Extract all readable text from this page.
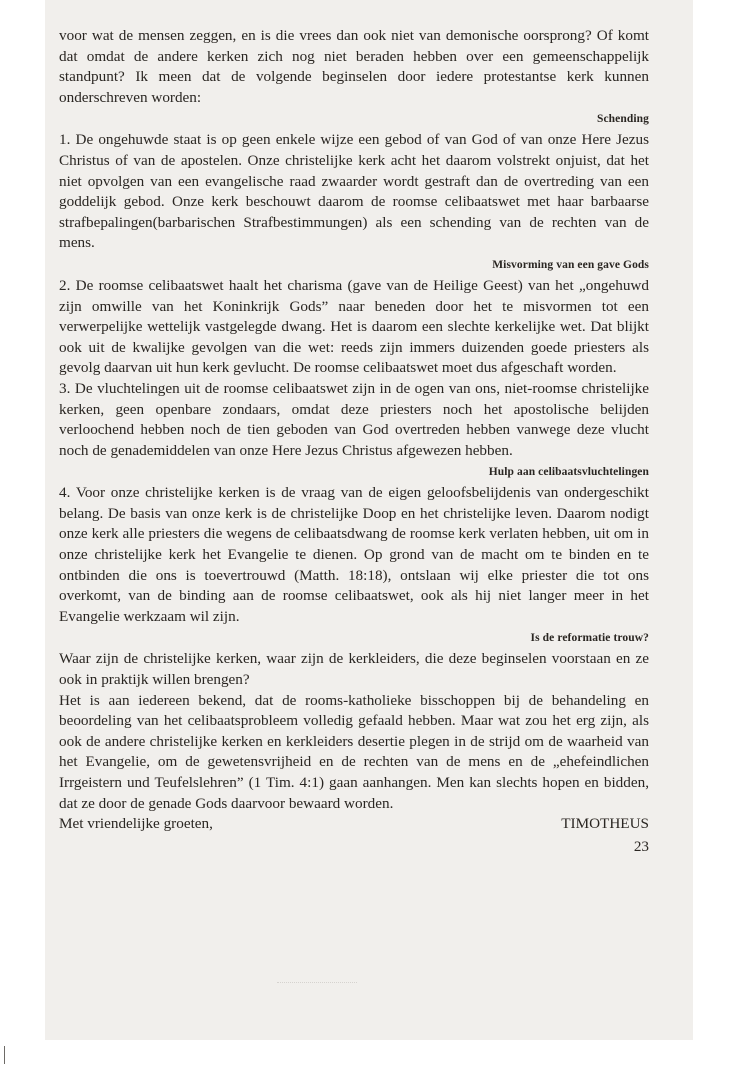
voor wat de mensen zeggen, en is die vrees dan ook niet van demonische oorsprong? Of komt dat omdat de andere kerken zich nog niet beraden hebben over een gemeenschappelijk standpunt? Ik meen dat de volgende beginselen door iedere protestantse kerk kunnen onderschreven worden:

Schending

1. De ongehuwde staat is op geen enkele wijze een gebod of van God of van onze Here Jezus Christus of van de apostelen. Onze christelijke kerk acht het daarom volstrekt onjuist, dat het niet opvolgen van een evangelische raad zwaarder wordt gestraft dan de overtreding van een goddelijk gebod. Onze kerk beschouwt daarom de roomse celibaatswet met haar barbaarse strafbepalingen(barbarischen Strafbestimmungen) als een schending van de rechten van de mens.

Misvorming van een gave Gods

2. De roomse celibaatswet haalt het charisma (gave van de Heilige Geest) van het „ongehuwd zijn omwille van het Koninkrijk Gods” naar beneden door het te misvormen tot een verwerpelijke wettelijk vastgelegde dwang. Het is daarom een slechte kerkelijke wet. Dat blijkt ook uit de kwalijke gevolgen van die wet: reeds zijn immers duizenden goede priesters als gevolg daarvan uit hun kerk gevlucht. De roomse celibaatswet moet dus afgeschaft worden.

3. De vluchtelingen uit de roomse celibaatswet zijn in de ogen van ons, niet-roomse christelijke kerken, geen openbare zondaars, omdat deze priesters noch het apostolische belijden verloochend hebben noch de tien geboden van God overtreden hebben vanwege deze vlucht noch de genademiddelen van onze Here Jezus Christus afgewezen hebben.

Hulp aan celibaatsvluchtelingen

4. Voor onze christelijke kerken is de vraag van de eigen geloofsbelijdenis van ondergeschikt belang. De basis van onze kerk is de christelijke Doop en het christelijke leven. Daarom nodigt onze kerk alle priesters die wegens de celibaatsdwang de roomse kerk verlaten hebben, uit om in onze christelijke kerk het Evangelie te dienen. Op grond van de macht om te binden en te ontbinden die ons is toevertrouwd (Matth. 18:18), ontslaan wij elke priester die tot ons overkomt, van de binding aan de roomse celibaatswet, ook als hij niet langer meer in het Evangelie werkzaam wil zijn.

Is de reformatie trouw?

Waar zijn de christelijke kerken, waar zijn de kerkleiders, die deze beginselen voorstaan en ze ook in praktijk willen brengen?

Het is aan iedereen bekend, dat de rooms-katholieke bisschoppen bij de behandeling en beoordeling van het celibaatsprobleem volledig gefaald hebben. Maar wat zou het erg zijn, als ook de andere christelijke kerken en kerkleiders desertie plegen in de strijd om de waarheid van het Evangelie, om de gewetensvrijheid en de rechten van de mens en de „ehefeindlichen Irrgeistern und Teufelslehren” (1 Tim. 4:1) gaan aanhangen. Men kan slechts hopen en bidden, dat ze door de genade Gods daarvoor bewaard worden.

Met vriendelijke groeten,	TIMOTHEUS
23
